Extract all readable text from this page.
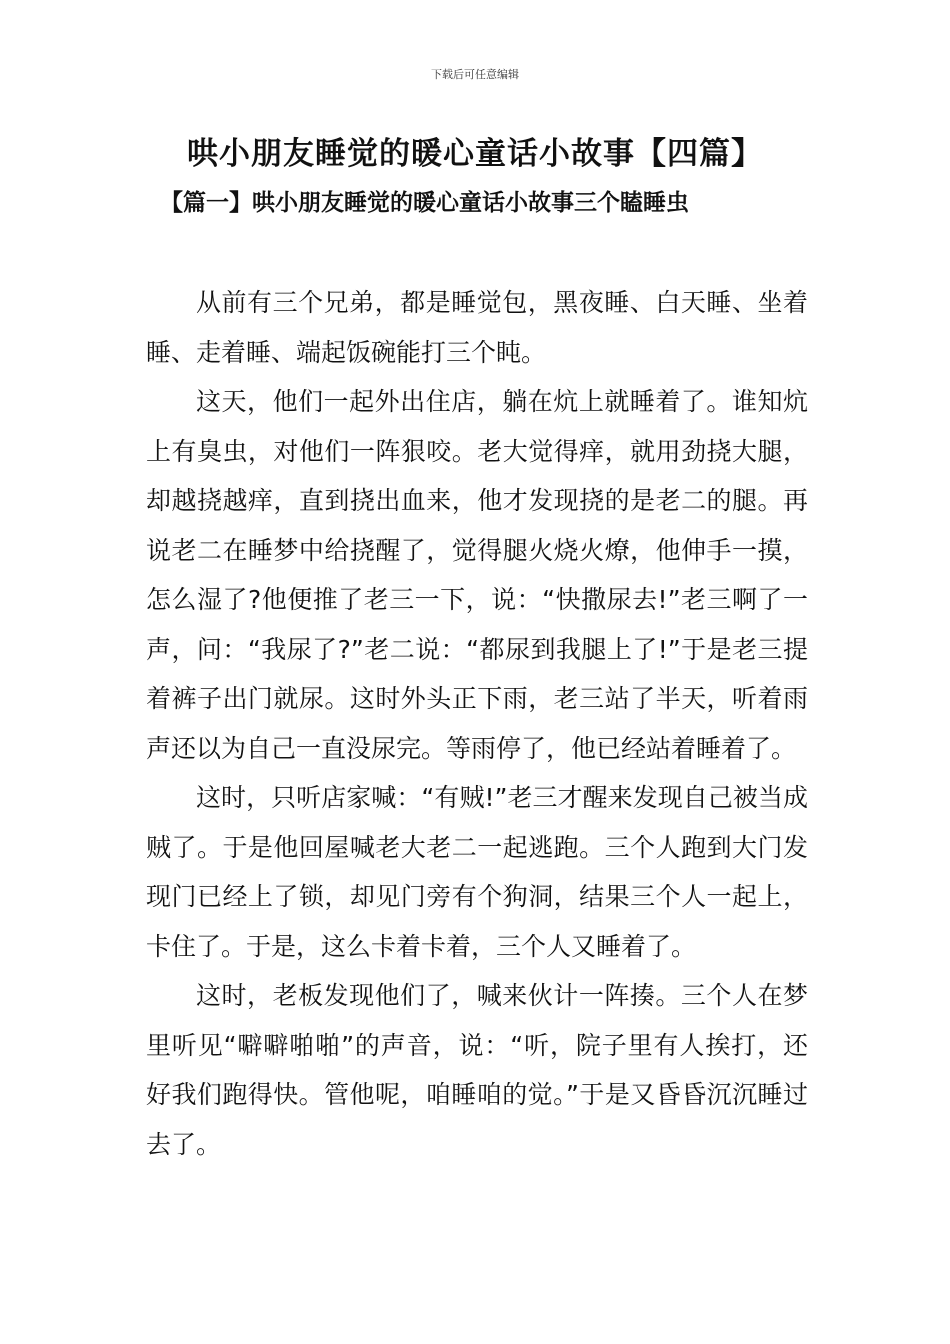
下载后可任意编辑
哄小朋友睡觉的暖心童话小故事【四篇】
【篇一】哄小朋友睡觉的暖心童话小故事三个瞌睡虫

从前有三个兄弟，都是睡觉包，黑夜睡、白天睡、坐着睡、走着睡、端起饭碗能打三个盹。

这天，他们一起外出住店，躺在炕上就睡着了。谁知炕上有臭虫，对他们一阵狠咬。老大觉得痒，就用劲挠大腿，却越挠越痒，直到挠出血来，他才发现挠的是老二的腿。再说老二在睡梦中给挠醒了，觉得腿火烧火燎，他伸手一摸，怎么湿了?他便推了老三一下，说：“快撒尿去!”老三啊了一声，问：“我尿了?”老二说：“都尿到我腿上了!”于是老三提着裤子出门就尿。这时外头正下雨，老三站了半天，听着雨声还以为自己一直没尿完。等雨停了，他已经站着睡着了。

这时，只听店家喊：“有贼!”老三才醒来发现自己被当成贼了。于是他回屋喊老大老二一起逃跑。三个人跑到大门发现门已经上了锁，却见门旁有个狗洞，结果三个人一起上，卡住了。于是，这么卡着卡着，三个人又睡着了。

这时，老板发现他们了，喊来伙计一阵揍。三个人在梦里听见“噼噼啪啪”的声音，说：“听，院子里有人挨打，还好我们跑得快。管他呢，咱睡咱的觉。”于是又昏昏沉沉睡过去了。
